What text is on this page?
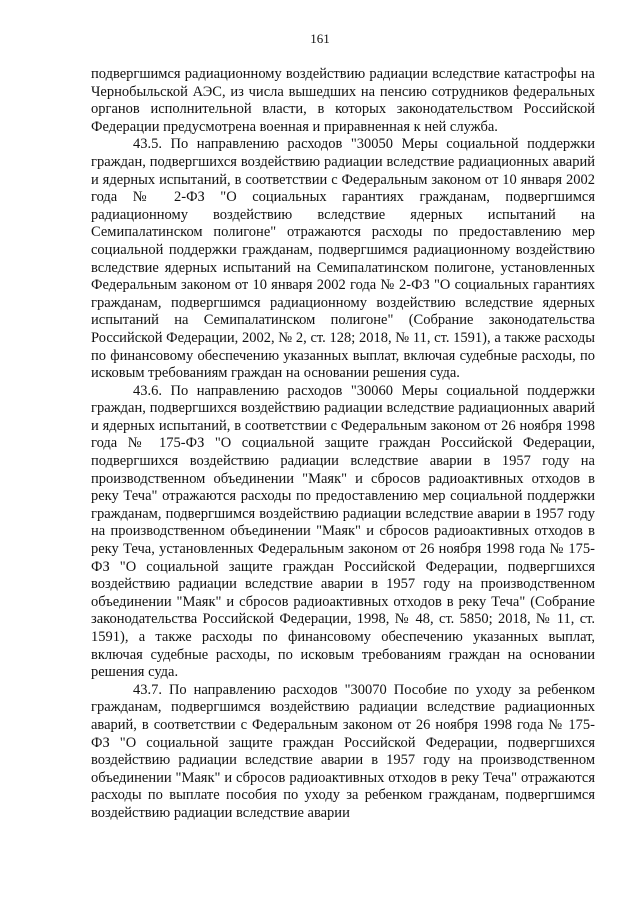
161

подвергшимся радиационному воздействию радиации вследствие катастрофы на Чернобыльской АЭС, из числа вышедших на пенсию сотрудников федеральных органов исполнительной власти, в которых законодательством Российской Федерации предусмотрена военная и приравненная к ней служба.

43.5. По направлению расходов "30050 Меры социальной поддержки граждан, подвергшихся воздействию радиации вследствие радиационных аварий и ядерных испытаний, в соответствии с Федеральным законом от 10 января 2002 года № 2-ФЗ "О социальных гарантиях гражданам, подвергшимся радиационному воздействию вследствие ядерных испытаний на Семипалатинском полигоне" отражаются расходы по предоставлению мер социальной поддержки гражданам, подвергшимся радиационному воздействию вследствие ядерных испытаний на Семипалатинском полигоне, установленных Федеральным законом от 10 января 2002 года № 2-ФЗ "О социальных гарантиях гражданам, подвергшимся радиационному воздействию вследствие ядерных испытаний на Семипалатинском полигоне" (Собрание законодательства Российской Федерации, 2002, № 2, ст. 128; 2018, № 11, ст. 1591), а также расходы по финансовому обеспечению указанных выплат, включая судебные расходы, по исковым требованиям граждан на основании решения суда.

43.6. По направлению расходов "30060 Меры социальной поддержки граждан, подвергшихся воздействию радиации вследствие радиационных аварий и ядерных испытаний, в соответствии с Федеральным законом от 26 ноября 1998 года № 175-ФЗ "О социальной защите граждан Российской Федерации, подвергшихся воздействию радиации вследствие аварии в 1957 году на производственном объединении "Маяк" и сбросов радиоактивных отходов в реку Теча" отражаются расходы по предоставлению мер социальной поддержки гражданам, подвергшимся воздействию радиации вследствие аварии в 1957 году на производственном объединении "Маяк" и сбросов радиоактивных отходов в реку Теча, установленных Федеральным законом от 26 ноября 1998 года № 175-ФЗ "О социальной защите граждан Российской Федерации, подвергшихся воздействию радиации вследствие аварии в 1957 году на производственном объединении "Маяк" и сбросов радиоактивных отходов в реку Теча" (Собрание законодательства Российской Федерации, 1998, № 48, ст. 5850; 2018, № 11, ст. 1591), а также расходы по финансовому обеспечению указанных выплат, включая судебные расходы, по исковым требованиям граждан на основании решения суда.

43.7. По направлению расходов "30070 Пособие по уходу за ребенком гражданам, подвергшимся воздействию радиации вследствие радиационных аварий, в соответствии с Федеральным законом от 26 ноября 1998 года № 175-ФЗ "О социальной защите граждан Российской Федерации, подвергшихся воздействию радиации вследствие аварии в 1957 году на производственном объединении "Маяк" и сбросов радиоактивных отходов в реку Теча" отражаются расходы по выплате пособия по уходу за ребенком гражданам, подвергшимся воздействию радиации вследствие аварии
